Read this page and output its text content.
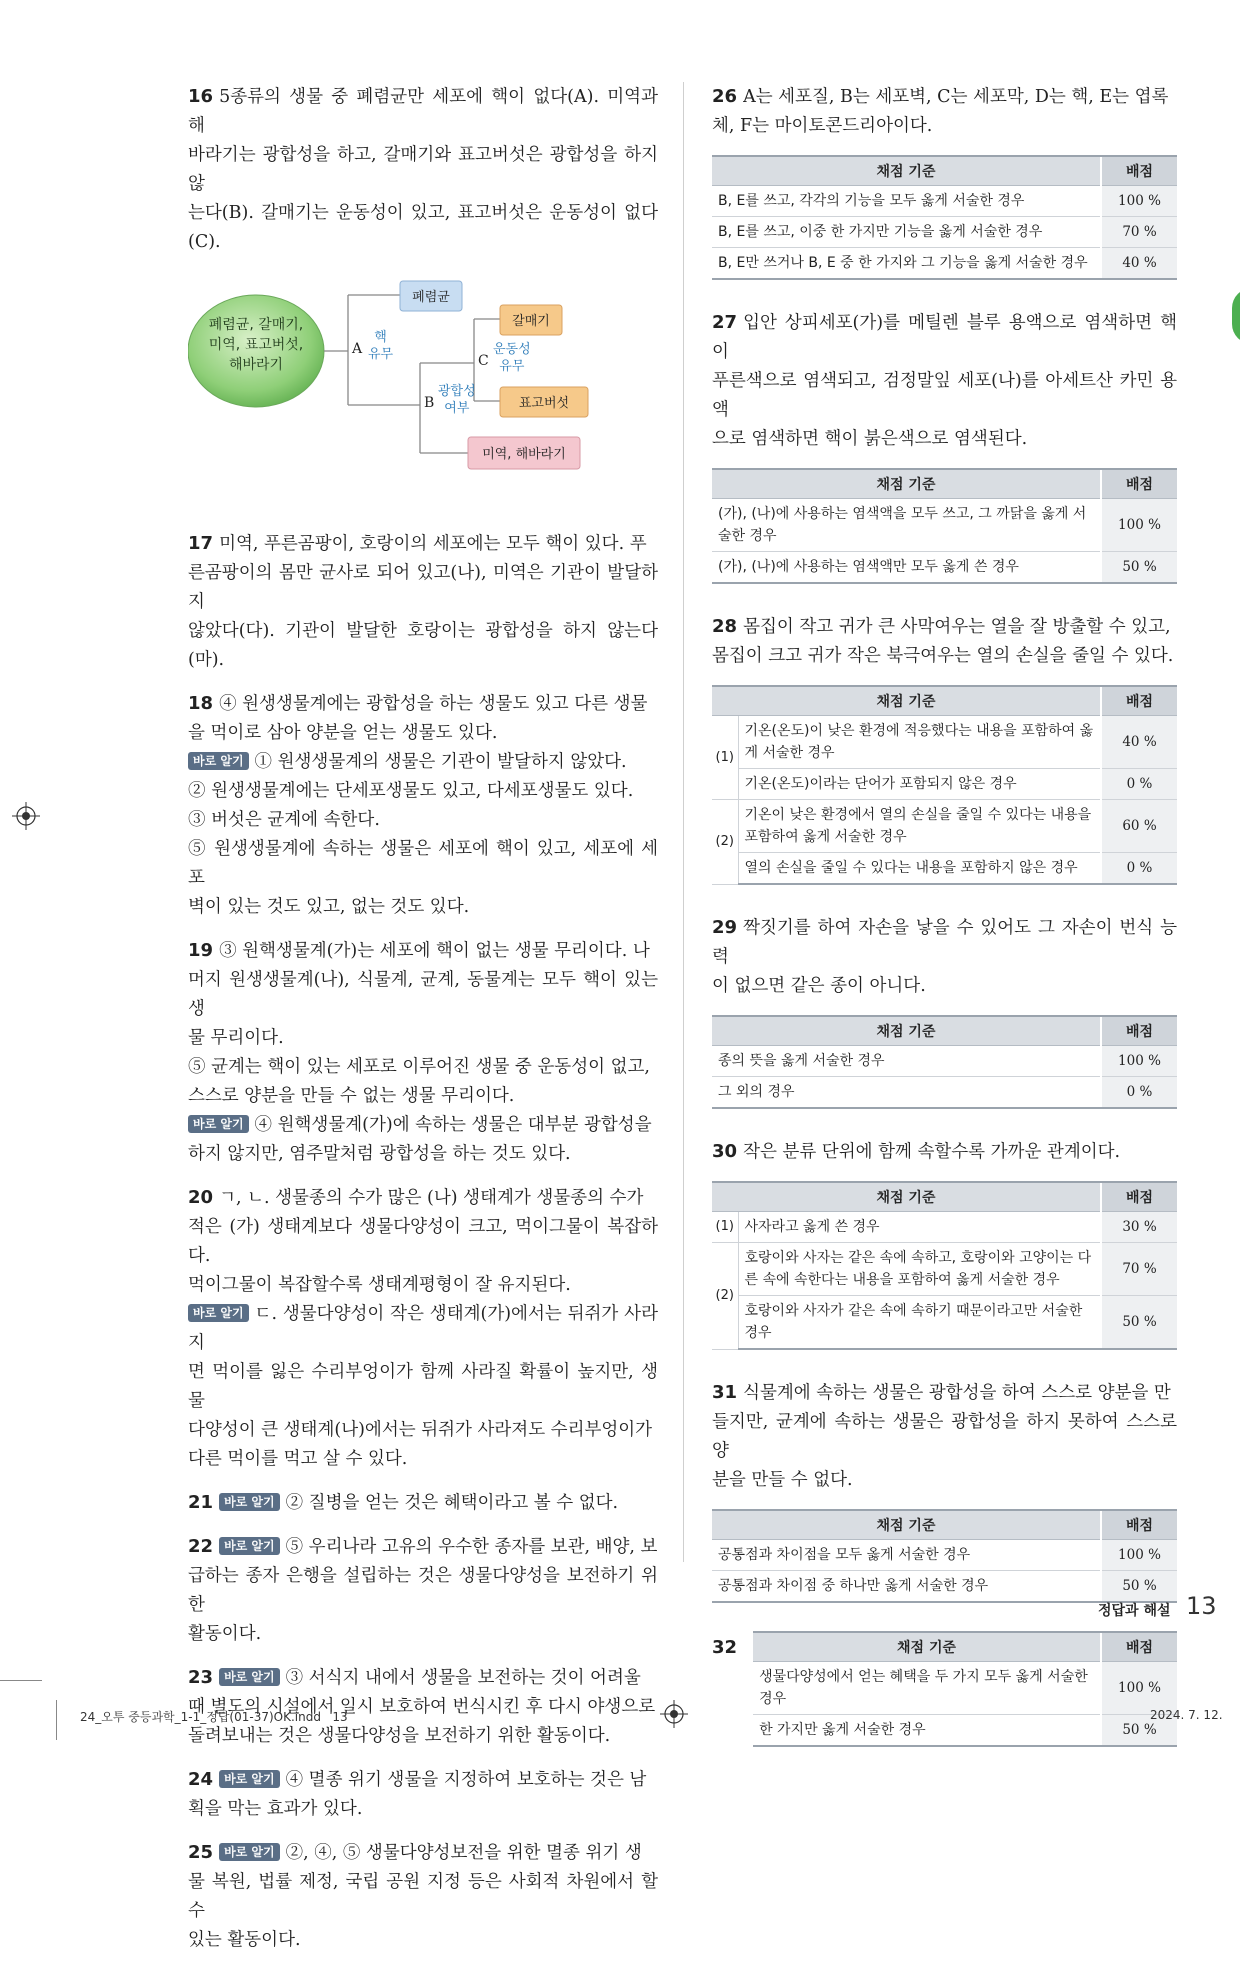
16 5종류의 생물 중 폐렴균만 세포에 핵이 없다(A). 미역과 해
바라기는 광합성을 하고, 갈매기와 표고버섯은 광합성을 하지 않
는다(B). 갈매기는 운동성이 있고, 표고버섯은 운동성이 없다(C).
폐렴균, 갈매기,
미역, 표고버섯,
해바라기
폐렴균
갈매기
표고버섯
미역, 해바라기
A
핵
유무
B
광합성
여부
C
운동성
유무
17 미역, 푸른곰팡이, 호랑이의 세포에는 모두 핵이 있다. 푸
른곰팡이의 몸만 균사로 되어 있고(나), 미역은 기관이 발달하지
않았다(다). 기관이 발달한 호랑이는 광합성을 하지 않는다(마).
18 ④ 원생생물계에는 광합성을 하는 생물도 있고 다른 생물
을 먹이로 삼아 양분을 얻는 생물도 있다.
바로 알기 ① 원생생물계의 생물은 기관이 발달하지 않았다.
② 원생생물계에는 단세포생물도 있고, 다세포생물도 있다.
③ 버섯은 균계에 속한다.
⑤ 원생생물계에 속하는 생물은 세포에 핵이 있고, 세포에 세포
벽이 있는 것도 있고, 없는 것도 있다.
19 ③ 원핵생물계(가)는 세포에 핵이 없는 생물 무리이다. 나
머지 원생생물계(나), 식물계, 균계, 동물계는 모두 핵이 있는 생
물 무리이다.
⑤ 균계는 핵이 있는 세포로 이루어진 생물 중 운동성이 없고,
스스로 양분을 만들 수 없는 생물 무리이다.
바로 알기 ④ 원핵생물계(가)에 속하는 생물은 대부분 광합성을
하지 않지만, 염주말처럼 광합성을 하는 것도 있다.
20 ㄱ, ㄴ. 생물종의 수가 많은 (나) 생태계가 생물종의 수가
적은 (가) 생태계보다 생물다양성이 크고, 먹이그물이 복잡하다.
먹이그물이 복잡할수록 생태계평형이 잘 유지된다.
바로 알기 ㄷ. 생물다양성이 작은 생태계(가)에서는 뒤쥐가 사라지
면 먹이를 잃은 수리부엉이가 함께 사라질 확률이 높지만, 생물
다양성이 큰 생태계(나)에서는 뒤쥐가 사라져도 수리부엉이가
다른 먹이를 먹고 살 수 있다.
21 바로 알기 ② 질병을 얻는 것은 혜택이라고 볼 수 없다.
22 바로 알기 ⑤ 우리나라 고유의 우수한 종자를 보관, 배양, 보
급하는 종자 은행을 설립하는 것은 생물다양성을 보전하기 위한
활동이다.
23 바로 알기 ③ 서식지 내에서 생물을 보전하는 것이 어려울
때 별도의 시설에서 일시 보호하여 번식시킨 후 다시 야생으로
돌려보내는 것은 생물다양성을 보전하기 위한 활동이다.
24 바로 알기 ④ 멸종 위기 생물을 지정하여 보호하는 것은 남
획을 막는 효과가 있다.
25 바로 알기 ②, ④, ⑤ 생물다양성보전을 위한 멸종 위기 생
물 복원, 법률 제정, 국립 공원 지정 등은 사회적 차원에서 할 수
있는 활동이다.
26 A는 세포질, B는 세포벽, C는 세포막, D는 핵, E는 엽록
체, F는 마이토콘드리아이다.
채점 기준	배점
B, E를 쓰고, 각각의 기능을 모두 옳게 서술한 경우	100 %
B, E를 쓰고, 이중 한 가지만 기능을 옳게 서술한 경우	70 %
B, E만 쓰거나 B, E 중 한 가지와 그 기능을 옳게 서술한 경우	40 %
27 입안 상피세포(가)를 메틸렌 블루 용액으로 염색하면 핵이
푸른색으로 염색되고, 검정말잎 세포(나)를 아세트산 카민 용액
으로 염색하면 핵이 붉은색으로 염색된다.
채점 기준	배점
(가), (나)에 사용하는 염색액을 모두 쓰고, 그 까닭을 옳게 서술한 경우	100 %
(가), (나)에 사용하는 염색액만 모두 옳게 쓴 경우	50 %
28 몸집이 작고 귀가 큰 사막여우는 열을 잘 방출할 수 있고,
몸집이 크고 귀가 작은 북극여우는 열의 손실을 줄일 수 있다.
채점 기준		배점
(1)	기온(온도)이 낮은 환경에 적응했다는 내용을 포함하여 옳게 서술한 경우	40 %
	기온(온도)이라는 단어가 포함되지 않은 경우	0 %
(2)	기온이 낮은 환경에서 열의 손실을 줄일 수 있다는 내용을 포함하여 옳게 서술한 경우	60 %
	열의 손실을 줄일 수 있다는 내용을 포함하지 않은 경우	0 %
29 짝짓기를 하여 자손을 낳을 수 있어도 그 자손이 번식 능력
이 없으면 같은 종이 아니다.
채점 기준	배점
종의 뜻을 옳게 서술한 경우	100 %
그 외의 경우	0 %
30 작은 분류 단위에 함께 속할수록 가까운 관계이다.
채점 기준		배점
(1)	사자라고 옳게 쓴 경우	30 %
(2)	호랑이와 사자는 같은 속에 속하고, 호랑이와 고양이는 다른 속에 속한다는 내용을 포함하여 옳게 서술한 경우	70 %
	호랑이와 사자가 같은 속에 속하기 때문이라고만 서술한 경우	50 %
31 식물계에 속하는 생물은 광합성을 하여 스스로 양분을 만
들지만, 균계에 속하는 생물은 광합성을 하지 못하여 스스로 양
분을 만들 수 없다.
채점 기준	배점
공통점과 차이점을 모두 옳게 서술한 경우	100 %
공통점과 차이점 중 하나만 옳게 서술한 경우	50 %
32	채점 기준	배점
생물다양성에서 얻는 혜택을 두 가지 모두 옳게 서술한 경우	100 %
한 가지만 옳게 서술한 경우	50 %
정답과 해설 13
24_오투 중등과학_1-1_정답(01-37)OK.indd   13	2024. 7. 12.
